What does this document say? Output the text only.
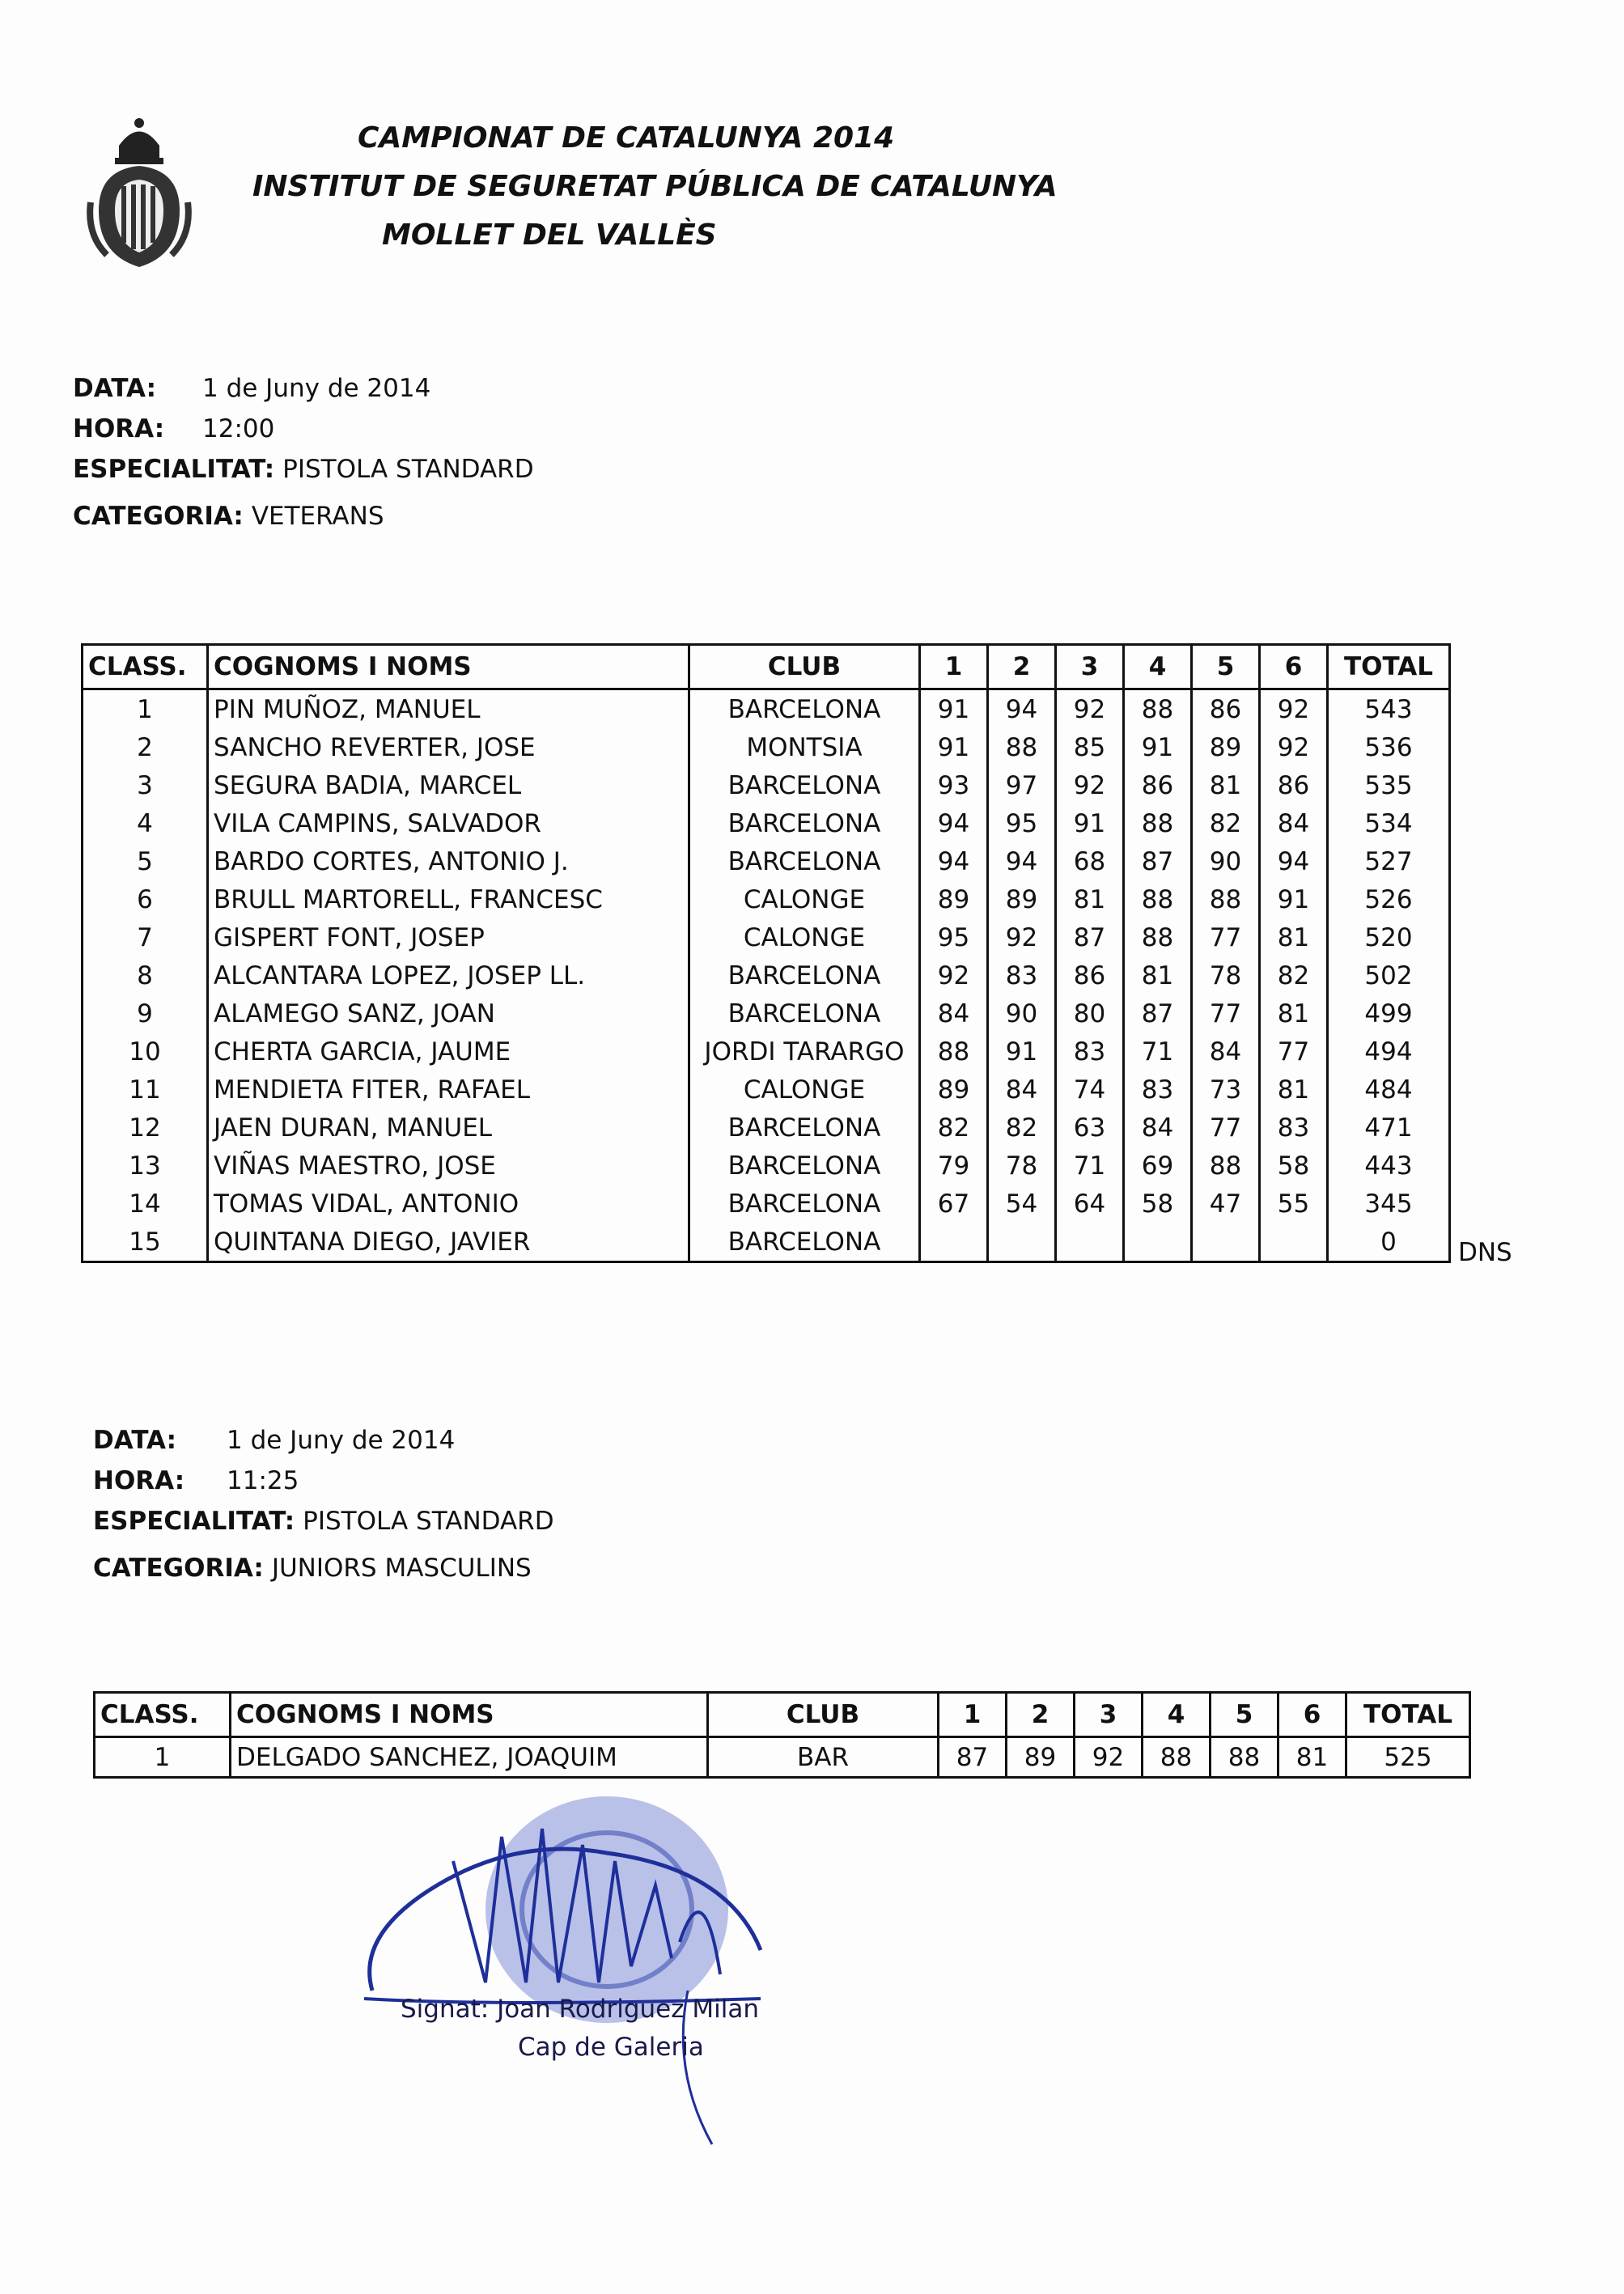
CAMPIONAT DE CATALUNYA 2014
INSTITUT DE SEGURETAT PÚBLICA DE CATALUNYA
MOLLET DEL VALLÈS
DATA: 1 de Juny de 2014
HORA: 12:00
ESPECIALITAT: PISTOLA STANDARD
CATEGORIA: VETERANS
CLASS.	COGNOMS I NOMS	CLUB	1	2	3	4	5	6	TOTAL
1	PIN MUÑOZ, MANUEL	BARCELONA	91	94	92	88	86	92	543
2	SANCHO REVERTER, JOSE	MONTSIA	91	88	85	91	89	92	536
3	SEGURA BADIA, MARCEL	BARCELONA	93	97	92	86	81	86	535
4	VILA CAMPINS, SALVADOR	BARCELONA	94	95	91	88	82	84	534
5	BARDO CORTES, ANTONIO J.	BARCELONA	94	94	68	87	90	94	527
6	BRULL MARTORELL, FRANCESC	CALONGE	89	89	81	88	88	91	526
7	GISPERT FONT, JOSEP	CALONGE	95	92	87	88	77	81	520
8	ALCANTARA LOPEZ, JOSEP LL.	BARCELONA	92	83	86	81	78	82	502
9	ALAMEGO SANZ, JOAN	BARCELONA	84	90	80	87	77	81	499
10	CHERTA GARCIA, JAUME	JORDI TARARGO	88	91	83	71	84	77	494
11	MENDIETA FITER, RAFAEL	CALONGE	89	84	74	83	73	81	484
12	JAEN DURAN, MANUEL	BARCELONA	82	82	63	84	77	83	471
13	VIÑAS MAESTRO, JOSE	BARCELONA	79	78	71	69	88	58	443
14	TOMAS VIDAL, ANTONIO	BARCELONA	67	54	64	58	47	55	345
15	QUINTANA DIEGO, JAVIER	BARCELONA							0 DNS
DATA: 1 de Juny de 2014
HORA: 11:25
ESPECIALITAT: PISTOLA STANDARD
CATEGORIA: JUNIORS MASCULINS
CLASS.	COGNOMS I NOMS	CLUB	1	2	3	4	5	6	TOTAL
1	DELGADO SANCHEZ, JOAQUIM	BAR	87	89	92	88	88	81	525
Signat: Joan Rodriguez Milan
Cap de Galeria
